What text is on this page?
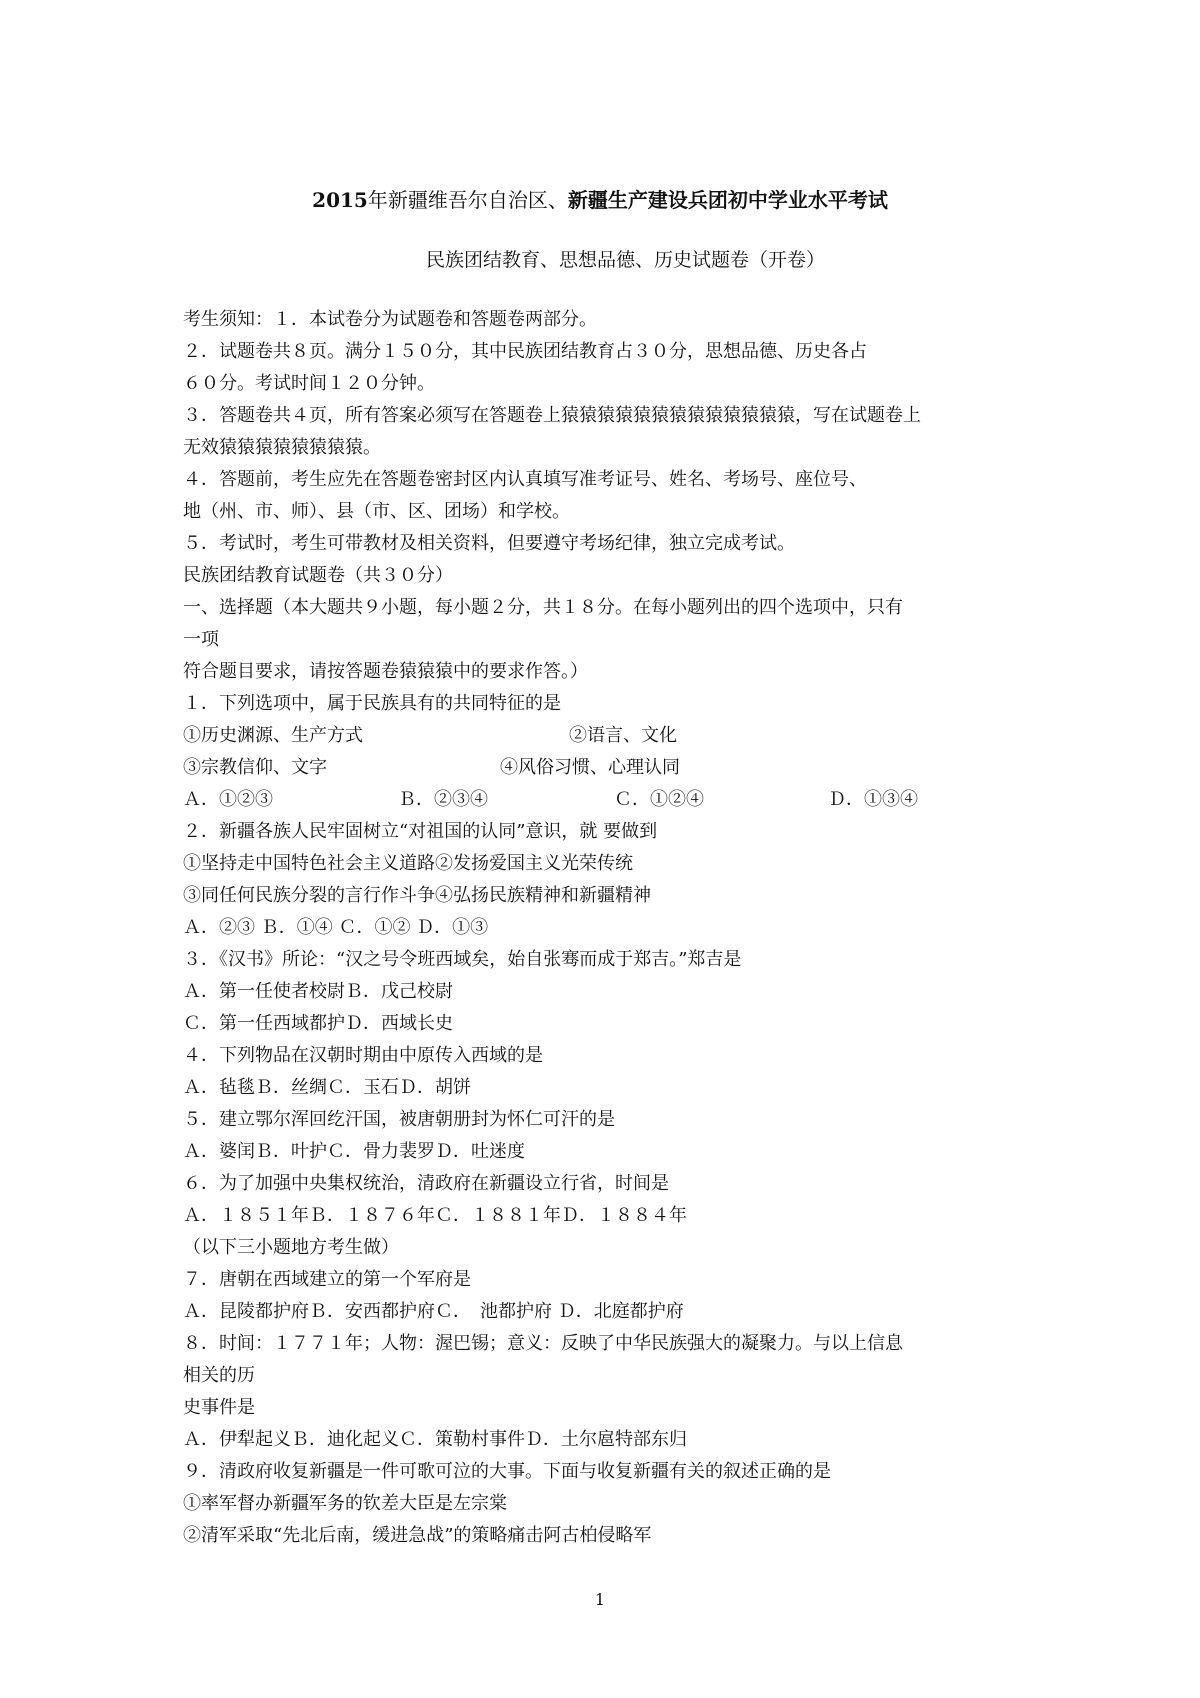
2015年新疆维吾尔自治区、新疆生产建设兵团初中学业水平考试
民族团结教育、思想品德、历史试题卷（开卷）
考生须知：１．本试卷分为试题卷和答题卷两部分。
２．试题卷共８页。满分１５０分，其中民族团结教育占３０分，思想品德、历史各占
６０分。考试时间１２０分钟。
３．答题卷共４页，所有答案必须写在答题卷上猿猿猿猿猿猿猿猿猿猿猿猿猿，写在试题卷上
无效猿猿猿猿猿猿猿猿。
４．答题前，考生应先在答题卷密封区内认真填写准考证号、姓名、考场号、座位号、
地（州、市、师）、县（市、区、团场）和学校。
５．考试时，考生可带教材及相关资料，但要遵守考场纪律，独立完成考试。
民族团结教育试题卷（共３０分）
一、选择题（本大题共９小题，每小题２分，共１８分。在每小题列出的四个选项中，只有
一项
符合题目要求，请按答题卷猿猿猿中的要求作答。）
１．下列选项中，属于民族具有的共同特征的是
①历史渊源、生产方式	②语言、文化
③宗教信仰、文字	④风俗习惯、心理认同
Ａ．①②③	Ｂ．②③④	Ｃ．①②④	Ｄ．①③④
２．新疆各族人民牢固树立“对祖国的认同”意识，就 要做到
①坚持走中国特色社会主义道路②发扬爱国主义光荣传统
③同任何民族分裂的言行作斗争④弘扬民族精神和新疆精神
Ａ．②③ Ｂ．①④ Ｃ．①② Ｄ．①③
３．《汉书》所论：“汉之号令班西域矣，始自张骞而成于郑吉。”郑吉是
Ａ．第一任使者校尉Ｂ．戊己校尉
Ｃ．第一任西域都护Ｄ．西域长史
４．下列物品在汉朝时期由中原传入西域的是
Ａ．毡毯Ｂ．丝绸Ｃ．玉石Ｄ．胡饼
５．建立鄂尔浑回纥汗国，被唐朝册封为怀仁可汗的是
Ａ．婆闰Ｂ．叶护Ｃ．骨力裴罗Ｄ．吐迷度
６．为了加强中央集权统治，清政府在新疆设立行省，时间是
Ａ．１８５１年Ｂ．１８７６年Ｃ．１８８１年Ｄ．１８８４年
（以下三小题地方考生做）
７．唐朝在西域建立的第一个军府是
Ａ．昆陵都护府Ｂ．安西都护府Ｃ．　池都护府 Ｄ．北庭都护府
８．时间：１７７１年；人物：渥巴锡；意义：反映了中华民族强大的凝聚力。与以上信息
相关的历
史事件是
Ａ．伊犁起义Ｂ．迪化起义Ｃ．策勒村事件Ｄ．土尔扈特部东归
９．清政府收复新疆是一件可歌可泣的大事。下面与收复新疆有关的叙述正确的是
①率军督办新疆军务的钦差大臣是左宗棠
②清军采取“先北后南，缓进急战”的策略痛击阿古柏侵略军
1
